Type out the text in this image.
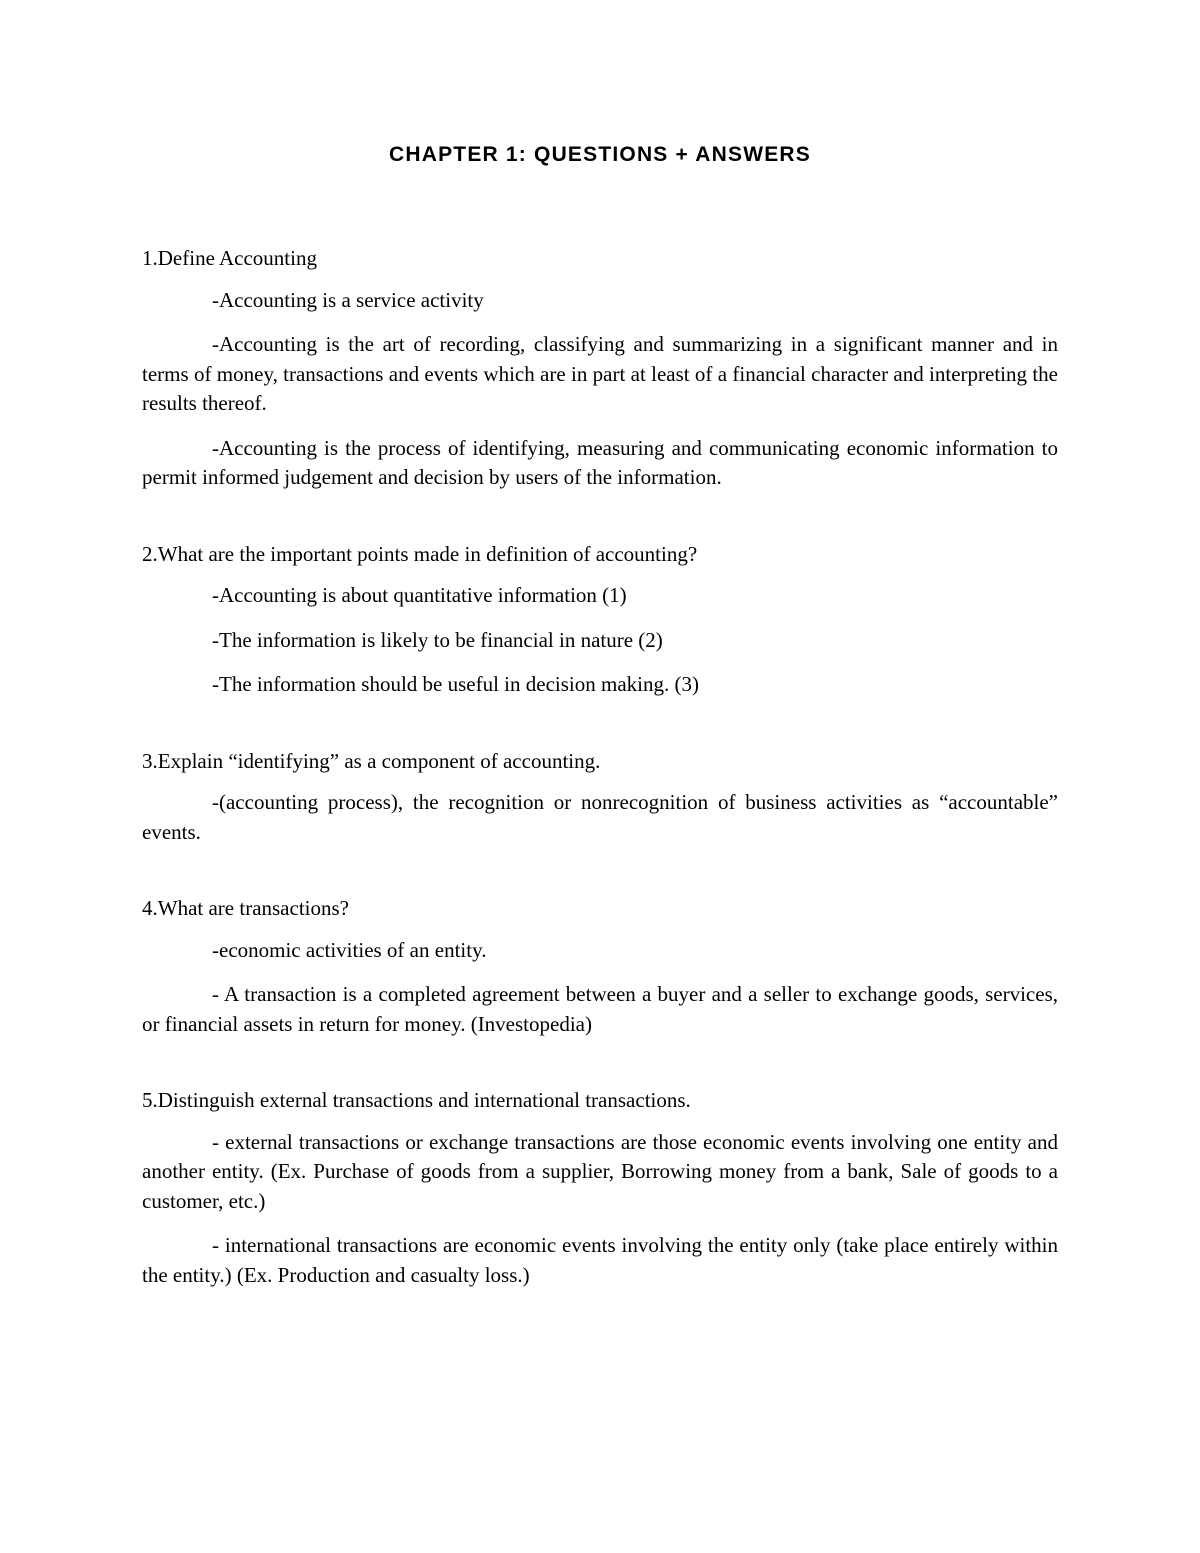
CHAPTER 1: QUESTIONS + ANSWERS

1.Define Accounting

-Accounting is a service activity

-Accounting is the art of recording, classifying and summarizing in a significant manner and in terms of money, transactions and events which are in part at least of a financial character and interpreting the results thereof.

-Accounting is the process of identifying, measuring and communicating economic information to permit informed judgement and decision by users of the information.

2.What are the important points made in definition of accounting?

-Accounting is about quantitative information (1)

-The information is likely to be financial in nature (2)

-The information should be useful in decision making. (3)

3.Explain “identifying” as a component of accounting.

-(accounting process), the recognition or nonrecognition of business activities as “accountable” events.

4.What are transactions?

-economic activities of an entity.

- A transaction is a completed agreement between a buyer and a seller to exchange goods, services, or financial assets in return for money. (Investopedia)

5.Distinguish external transactions and international transactions.

- external transactions or exchange transactions are those economic events involving one entity and another entity. (Ex. Purchase of goods from a supplier, Borrowing money from a bank, Sale of goods to a customer, etc.)

- international transactions are economic events involving the entity only (take place entirely within the entity.) (Ex. Production and casualty loss.)
